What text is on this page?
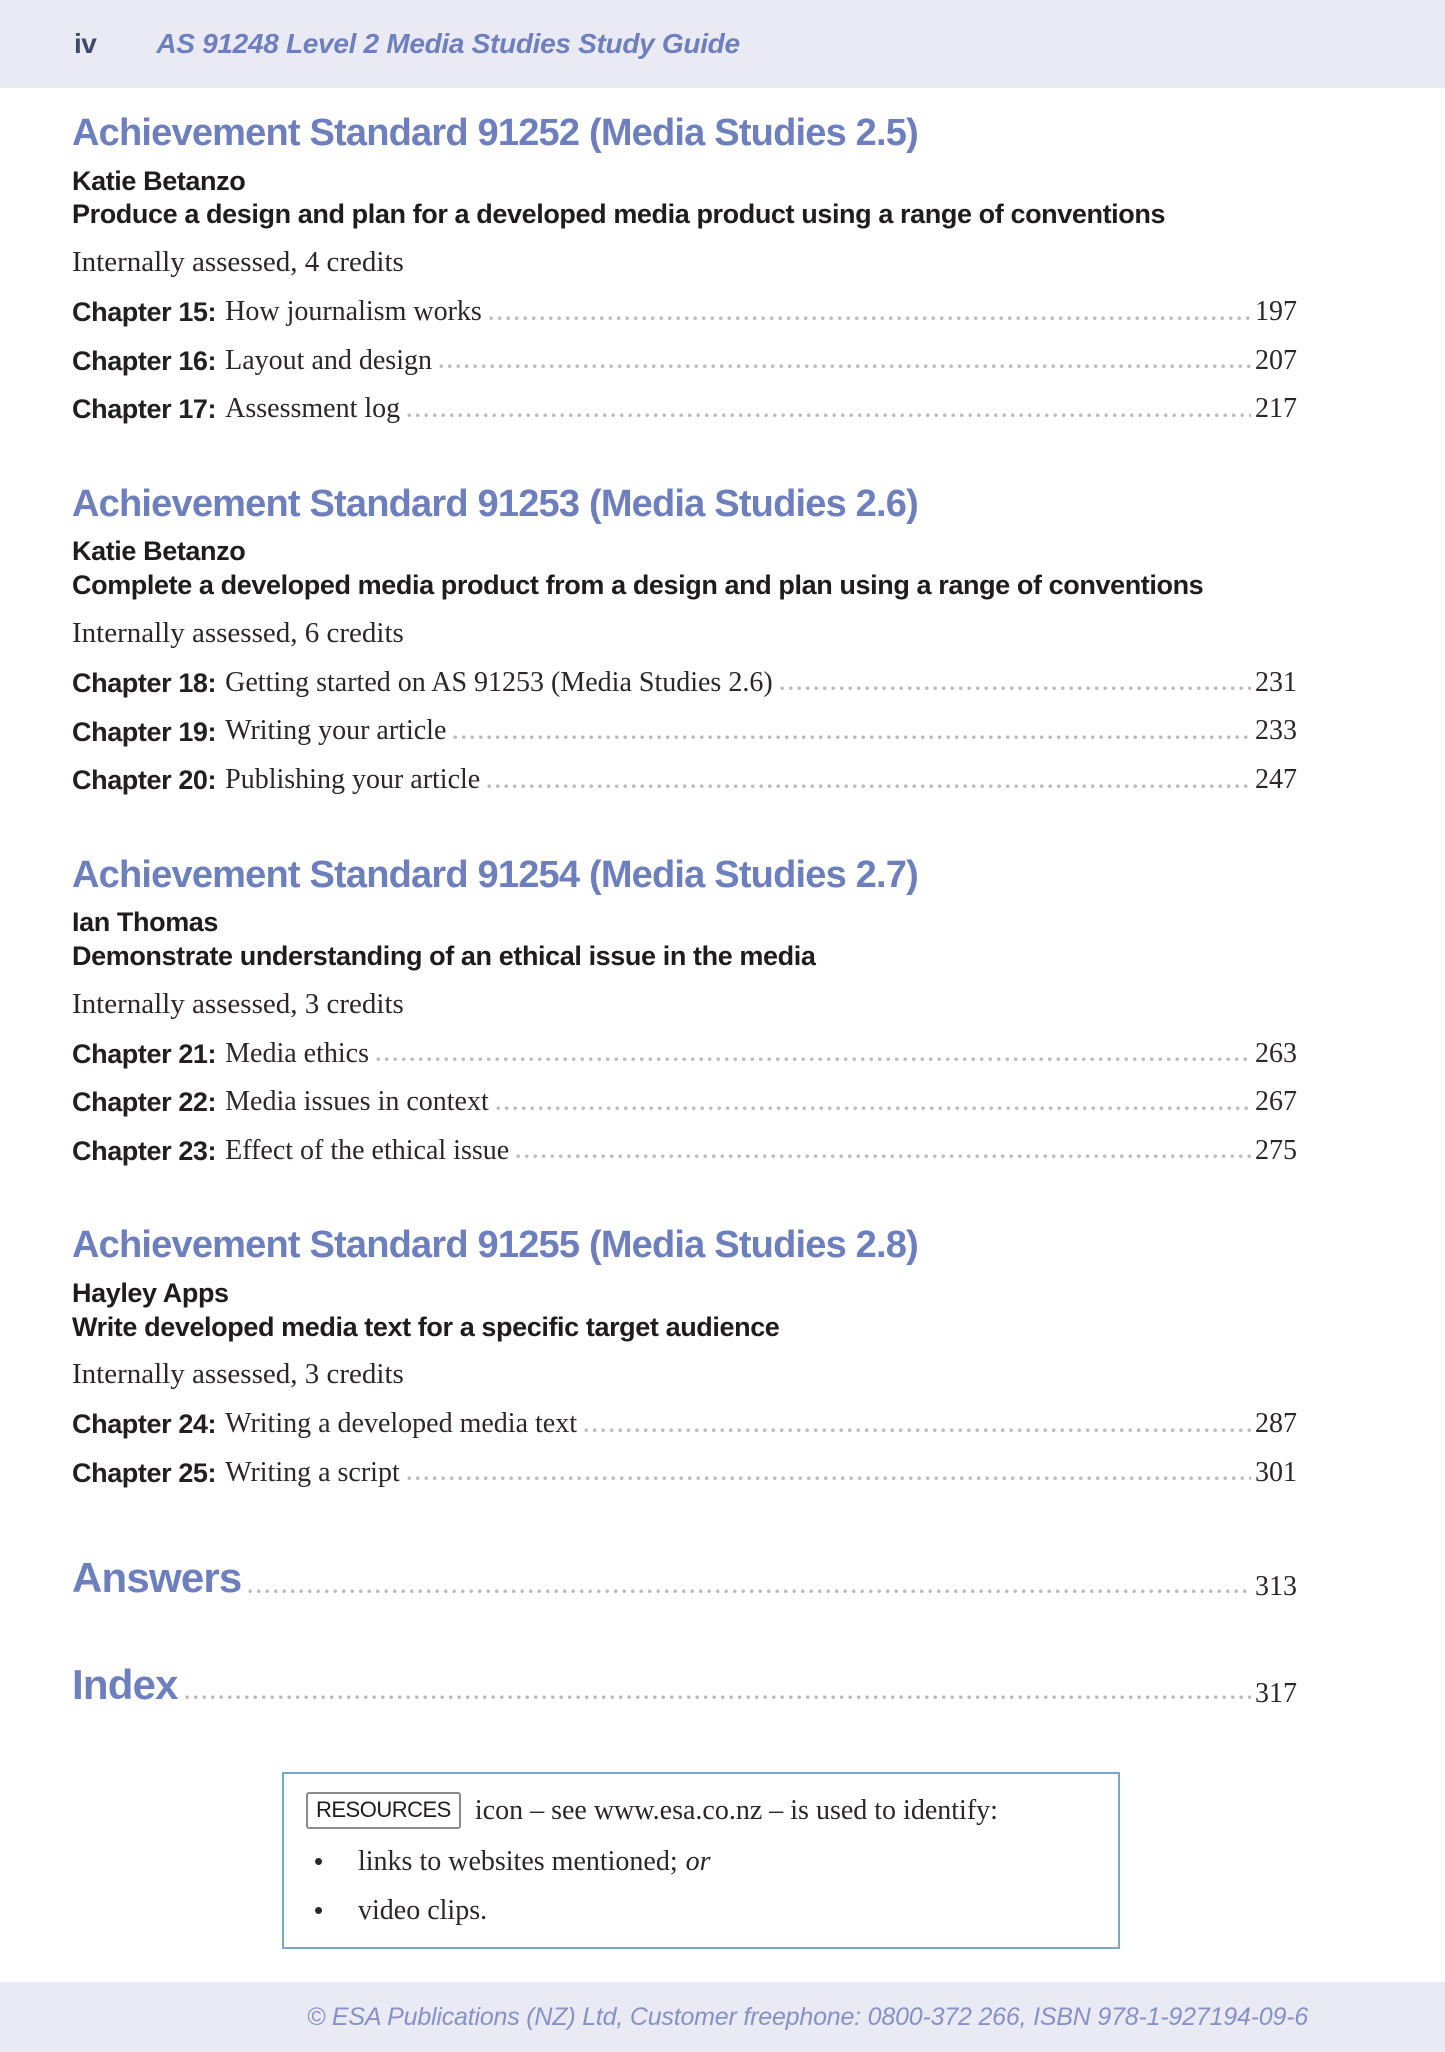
iv AS 91248 Level 2 Media Studies Study Guide
Achievement Standard 91252 (Media Studies 2.5)
Katie Betanzo
Produce a design and plan for a developed media product using a range of conventions
Internally assessed, 4 credits
Chapter 15: How journalism works	197
Chapter 16: Layout and design	207
Chapter 17: Assessment log	217
Achievement Standard 91253 (Media Studies 2.6)
Katie Betanzo
Complete a developed media product from a design and plan using a range of conventions
Internally assessed, 6 credits
Chapter 18: Getting started on AS 91253 (Media Studies 2.6)	231
Chapter 19: Writing your article	233
Chapter 20: Publishing your article	247
Achievement Standard 91254 (Media Studies 2.7)
Ian Thomas
Demonstrate understanding of an ethical issue in the media
Internally assessed, 3 credits
Chapter 21: Media ethics	263
Chapter 22: Media issues in context	267
Chapter 23: Effect of the ethical issue	275
Achievement Standard 91255 (Media Studies 2.8)
Hayley Apps
Write developed media text for a specific target audience
Internally assessed, 3 credits
Chapter 24: Writing a developed media text	287
Chapter 25: Writing a script	301
Answers	313
Index	317
RESOURCES icon – see www.esa.co.nz – is used to identify:
•	links to websites mentioned; or
•	video clips.
© ESA Publications (NZ) Ltd, Customer freephone: 0800-372 266, ISBN 978-1-927194-09-6
